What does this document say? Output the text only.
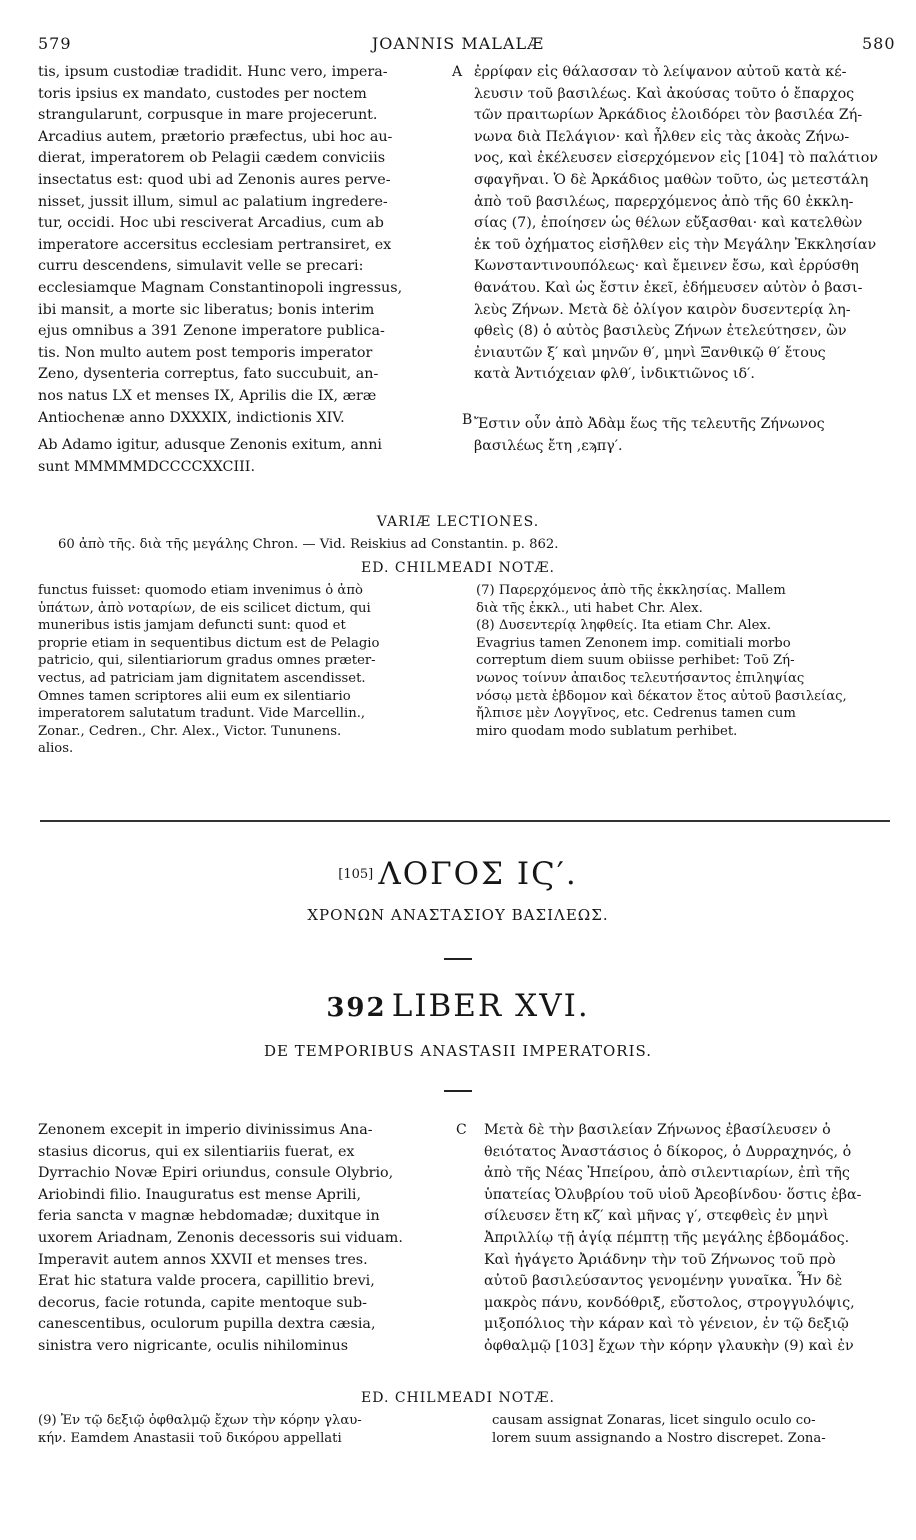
579	JOANNIS MALALÆ	580
tis, ipsum custodiæ tradidit. Hunc vero, impera-
toris ipsius ex mandato, custodes per noctem
strangularunt, corpusque in mare projecerunt.
Arcadius autem, prætorio præfectus, ubi hoc au-
dierat, imperatorem ob Pelagii cædem conviciis
insectatus est: quod ubi ad Zenonis aures perve-
nisset, jussit illum, simul ac palatium ingrederе-
tur, occidi. Hoc ubi resciverat Arcadius, cum ab
imperatore accersitus ecclesiam pertransiret, ex
curru descendens, simulavit velle se precari:
ecclesiamque Magnam Constantinopoli ingressus,
ibi mansit, a morte sic liberatus; bonis interim
ejus omnibus a 391 Zenone imperatore publica-
tis. Non multo autem post temporis imperator
Zeno, dysenteria correptus, fato succubuit, an-
nos natus LX et menses IX, Aprilis die IX, æræ
Antiochenæ anno DXXXIX, indictionis XIV.
Ab Adamo igitur, adusque Zenonis exitum, anni
sunt MMMMMDCCCCXXCIII.
A
B
ἐρρίφαν εἰς θάλασσαν τὸ λείψανον αὐτοῦ κατὰ κέ-
λευσιν τοῦ βασιλέως. Καὶ ἀκούσας τοῦτο ὁ ἔπαρχος
τῶν πραιτωρίων Ἀρκάδιος ἐλοιδόρει τὸν βασιλέα Ζή-
νωνα διὰ Πελάγιον· καὶ ἦλθεν εἰς τὰς ἀκοὰς Ζήνω-
νος, καὶ ἐκέλευσεν εἰσερχόμενον εἰς [104] τὸ παλάτιον
σφαγῆναι. Ὁ δὲ Ἀρκάδιος μαθὼν τοῦτο, ὡς μετεστάλη
ἀπὸ τοῦ βασιλέως, παρερχόμενος ἀπὸ τῆς 60 ἐκκλη-
σίας (7), ἐποίησεν ὡς θέλων εὔξασθαι· καὶ κατελθὼν
ἐκ τοῦ ὀχήματος εἰσῆλθεν εἰς τὴν Μεγάλην Ἐκκλησίαν
Κωνσταντινουπόλεως· καὶ ἔμεινεν ἔσω, καὶ ἐρρύσθη
θανάτου. Καὶ ὡς ἔστιν ἐκεῖ, ἐδήμευσεν αὐτὸν ὁ βασι-
λεὺς Ζήνων. Μετὰ δὲ ὀλίγον καιρὸν δυσεντερίᾳ λη-
φθεὶς (8) ὁ αὐτὸς βασιλεὺς Ζήνων ἐτελεύτησεν, ὢν
ἐνιαυτῶν ξ′ καὶ μηνῶν θ′, μηνὶ Ξανθικῷ θ′ ἔτους
κατὰ Ἀντιόχειαν φλθ′, ἰνδικτιῶνος ιδ′.
Ἔστιν οὖν ἀπὸ Ἀδὰμ ἕως τῆς τελευτῆς Ζήνωνος
βασιλέως ἔτη ‚εϡπγ′.
VARIÆ LECTIONES.
60 ἀπὸ τῆς. διὰ τῆς μεγάλης Chron. — Vid. Reiskius ad Constantin. p. 862.
ED. CHILMEADI NOTÆ.
functus fuisset: quomodo etiam invenimus ὁ ἀπὸ
ὑπάτων, ἀπὸ νοταρίων, de eis scilicet dictum, qui
muneribus istis jamjam defuncti sunt: quod et
proprie etiam in sequentibus dictum est de Pelagio
patricio, qui, silentiariorum gradus omnes præter-
vectus, ad patriciam jam dignitatem ascendisset.
Omnes tamen scriptores alii eum ex silentiario
imperatorem salutatum tradunt. Vide Marcellin.,
Zonar., Cedren., Chr. Alex., Victor. Tununens.
alios.
(7) Παρερχόμενος ἀπὸ τῆς ἐκκλησίας. Mallem
διὰ τῆς ἐκκλ., uti habet Chr. Alex.
(8) Δυσεντερίᾳ ληφθείς. Ita etiam Chr. Alex.
Evagrius tamen Zenonem imp. comitiali morbo
correptum diem suum obiisse perhibet: Τοῦ Ζή-
νωνος τοίνυν ἀπαιδος τελευτήσαντος ἐπιληψίας
νόσῳ μετὰ ἑβδομον καὶ δέκατον ἔτος αὐτοῦ βασιλείας,
ἤλπισε μὲν Λογγῖνος, etc. Cedrenus tamen cum
miro quodam modo sublatum perhibet.
[105] ΛΟΓΟΣ ΙϚ′.
ΧΡΟΝΩΝ ΑΝΑΣΤΑΣΙΟΥ ΒΑΣΙΛΕΩΣ.
392 LIBER XVI.
DE TEMPORIBUS ANASTASII IMPERATORIS.
Zenonem excepit in imperio divinissimus Ana-
stasius dicorus, qui ex silentiariis fuerat, ex
Dyrrachio Novæ Epiri oriundus, consule Olybrio,
Ariobindi filio. Inauguratus est mense Aprili,
feria sancta v magnæ hebdomadæ; duxitque in
uxorem Ariadnam, Zenonis decessoris sui viduam.
Imperavit autem annos XXVII et menses tres.
Erat hic statura valde procera, capillitio brevi,
decorus, facie rotunda, capite mentoque sub-
canescentibus, oculorum pupilla dextra cæsia,
sinistra vero nigricante, oculis nihilominus
C Μετὰ δὲ τὴν βασιλείαν Ζήνωνος ἐβασίλευσεν ὁ
θειότατος Ἀναστάσιος ὁ δίκορος, ὁ Δυρραχηνός, ὁ
ἀπὸ τῆς Νέας Ἠπείρου, ἀπὸ σιλεντιαρίων, ἐπὶ τῆς
ὑπατείας Ὀλυβρίου τοῦ υἱοῦ Ἀρεοβίνδου· ὅστις ἐβα-
σίλευσεν ἔτη κζ′ καὶ μῆνας γ′, στεφθεὶς ἐν μηνὶ
Ἀπριλλίῳ τῇ ἁγίᾳ πέμπτῃ τῆς μεγάλης ἑβδομάδος.
Καὶ ἠγάγετο Ἀριάδνην τὴν τοῦ Ζήνωνος τοῦ πρὸ
αὐτοῦ βασιλεύσαντος γενομένην γυναῖκα. Ἦν δὲ
μακρὸς πάνυ, κονδόθριξ, εὔστολος, στρογγυλόψις,
μιξοπόλιος τὴν κάραν καὶ τὸ γένειον, ἐν τῷ δεξιῷ
ὀφθαλμῷ [103] ἔχων τὴν κόρην γλαυκὴν (9) καὶ ἐν
ED. CHILMEADI NOTÆ.
(9) Ἐν τῷ δεξιῷ ὀφθαλμῷ ἔχων τὴν κόρην γλαυ-
κήν. Eamdem Anastasii τοῦ δικόρου appellati
causam assignat Zonaras, licet singulo oculo co-
lorem suum assignando a Nostro discrepet. Zona-
